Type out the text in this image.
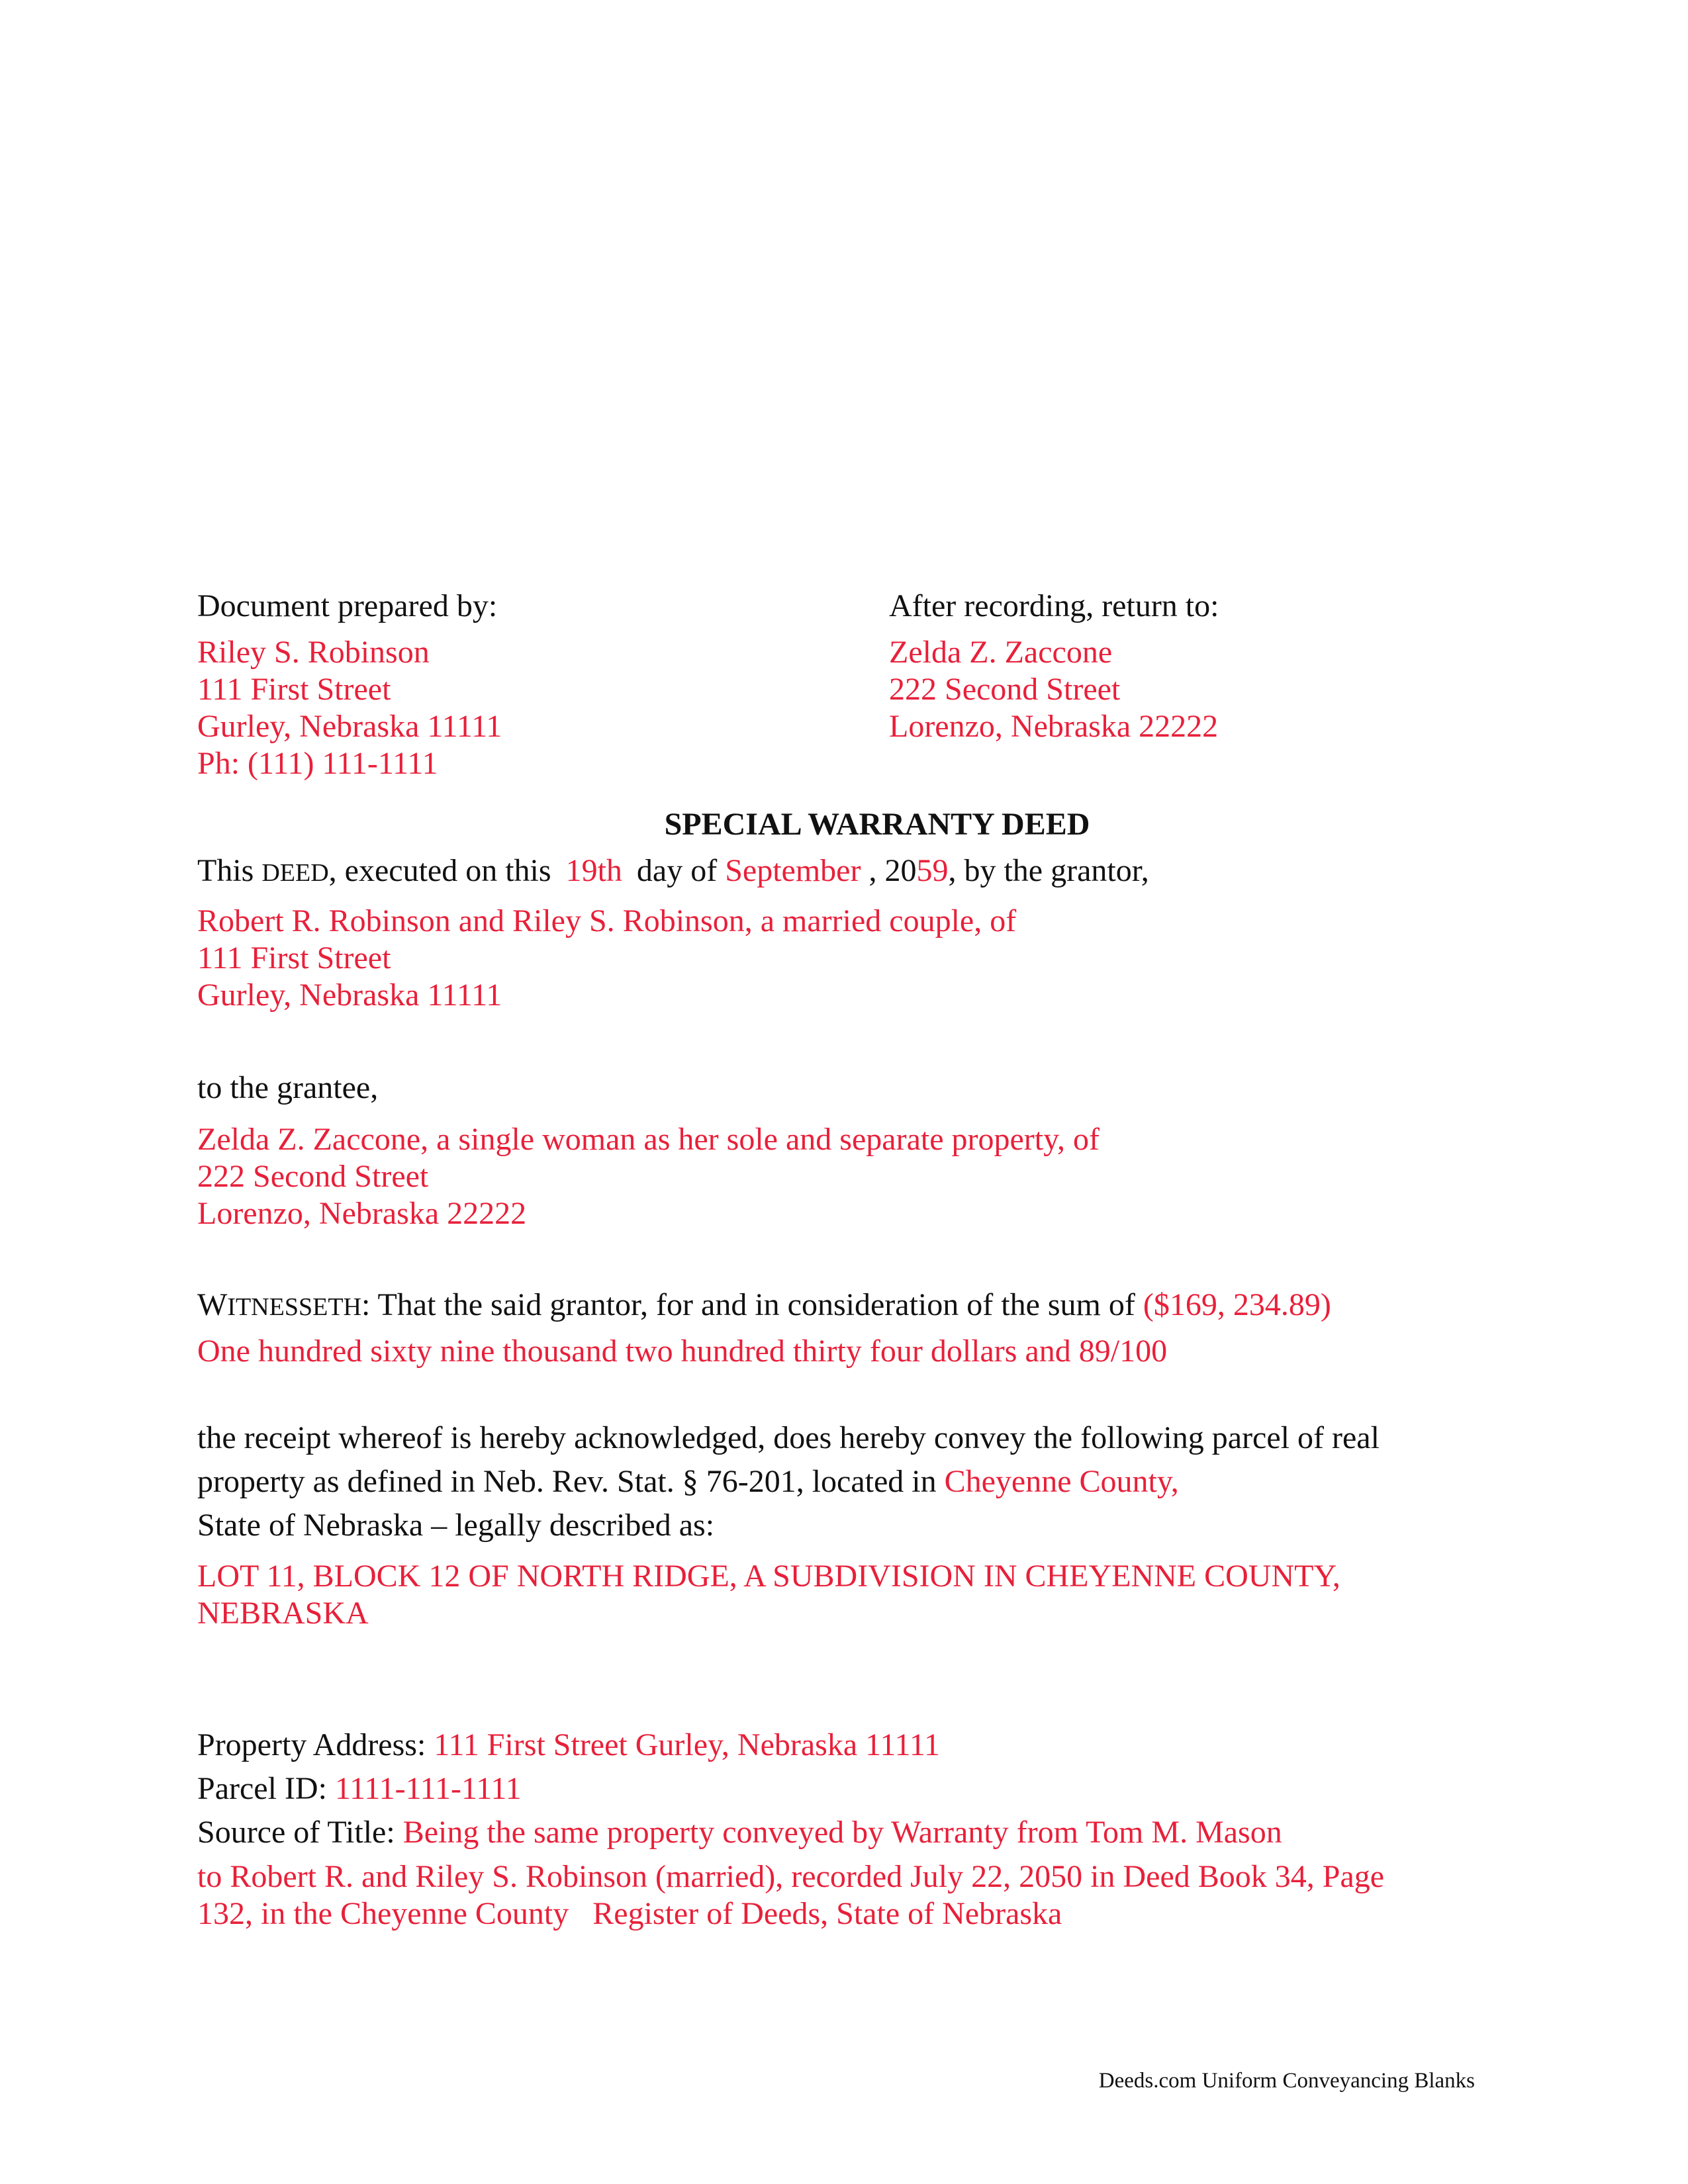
Document prepared by:
Riley S. Robinson
111 First Street
Gurley, Nebraska 11111
Ph: (111) 111-1111
After recording, return to:
Zelda Z. Zaccone
222 Second Street
Lorenzo, Nebraska 22222
SPECIAL WARRANTY DEED
This DEED, executed on this 19th day of September , 2059, by the grantor,
Robert R. Robinson and Riley S. Robinson, a married couple, of
111 First Street
Gurley, Nebraska 11111
to the grantee,
Zelda Z. Zaccone, a single woman as her sole and separate property, of
222 Second Street
Lorenzo, Nebraska 22222
WITNESSETH: That the said grantor, for and in consideration of the sum of ($169, 234.89)
One hundred sixty nine thousand two hundred thirty four dollars and 89/100
the receipt whereof is hereby acknowledged, does hereby convey the following parcel of real
property as defined in Neb. Rev. Stat. § 76-201, located in Cheyenne County,
State of Nebraska – legally described as:
LOT 11, BLOCK 12 OF NORTH RIDGE, A SUBDIVISION IN CHEYENNE COUNTY,
NEBRASKA
Property Address: 111 First Street Gurley, Nebraska 11111
Parcel ID: 1111-111-1111
Source of Title: Being the same property conveyed by Warranty from Tom M. Mason
to Robert R. and Riley S. Robinson (married), recorded July 22, 2050 in Deed Book 34, Page
132, in the Cheyenne County   Register of Deeds, State of Nebraska
Deeds.com Uniform Conveyancing Blanks
